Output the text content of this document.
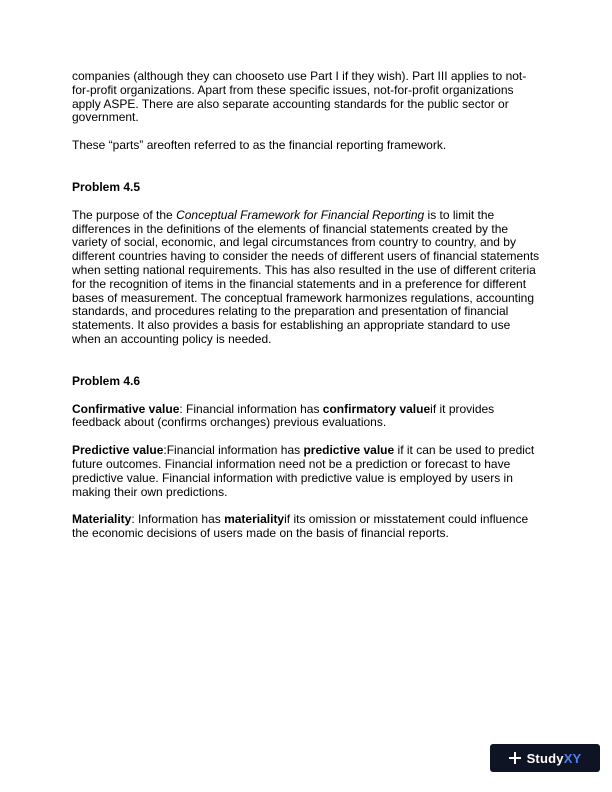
companies (although they can chooseto use Part I if they wish). Part III applies to not-for-profit organizations. Apart from these specific issues, not-for-profit organizations apply ASPE. There are also separate accounting standards for the public sector or government.

These “parts” areoften referred to as the financial reporting framework.

Problem 4.5

The purpose of the Conceptual Framework for Financial Reporting is to limit the differences in the definitions of the elements of financial statements created by the variety of social, economic, and legal circumstances from country to country, and by different countries having to consider the needs of different users of financial statements when setting national requirements. This has also resulted in the use of different criteria for the recognition of items in the financial statements and in a preference for different bases of measurement. The conceptual framework harmonizes regulations, accounting standards, and procedures relating to the preparation and presentation of financial statements. It also provides a basis for establishing an appropriate standard to use when an accounting policy is needed.

Problem 4.6

Confirmative value: Financial information has confirmatory valueif it provides feedback about (confirms orchanges) previous evaluations.

Predictive value:Financial information has predictive value if it can be used to predict future outcomes. Financial information need not be a prediction or forecast to have predictive value. Financial information with predictive value is employed by users in making their own predictions.

Materiality: Information has materialityif its omission or misstatement could influence the economic decisions of users made on the basis of financial reports.

StudyXY
